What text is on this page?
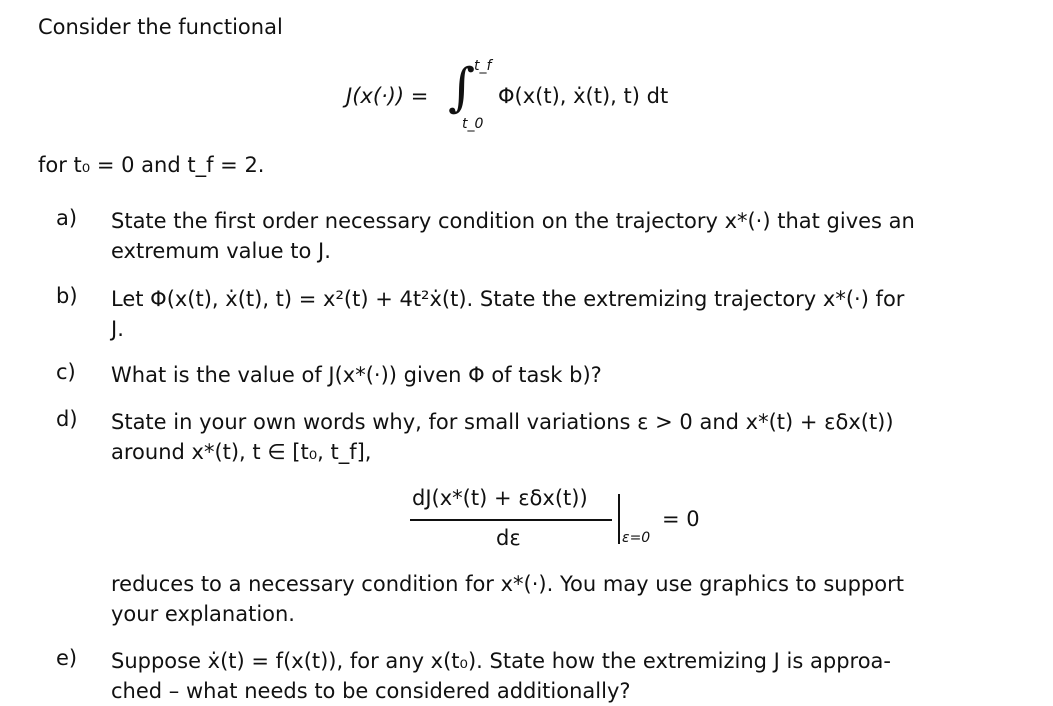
Consider the functional
J(x(·)) = ∫
t_f
t_0
Φ(x(t), ẋ(t), t) dt
for t₀ = 0 and t_f = 2.
a) State the first order necessary condition on the trajectory x*(·) that gives an
extremum value to J.
b) Let Φ(x(t), ẋ(t), t) = x²(t) + 4t²ẋ(t). State the extremizing trajectory x*(·) for
J.
c) What is the value of J(x*(·)) given Φ of task b)?
d) State in your own words why, for small variations ε > 0 and x*(t) + εδx(t))
around x*(t), t ∈ [t₀, t_f],
dJ(x*(t) + εδx(t))
dε	ε=0
= 0
reduces to a necessary condition for x*(·). You may use graphics to support
your explanation.
e) Suppose ẋ(t) = f(x(t)), for any x(t₀). State how the extremizing J is approa-
ched – what needs to be considered additionally?
